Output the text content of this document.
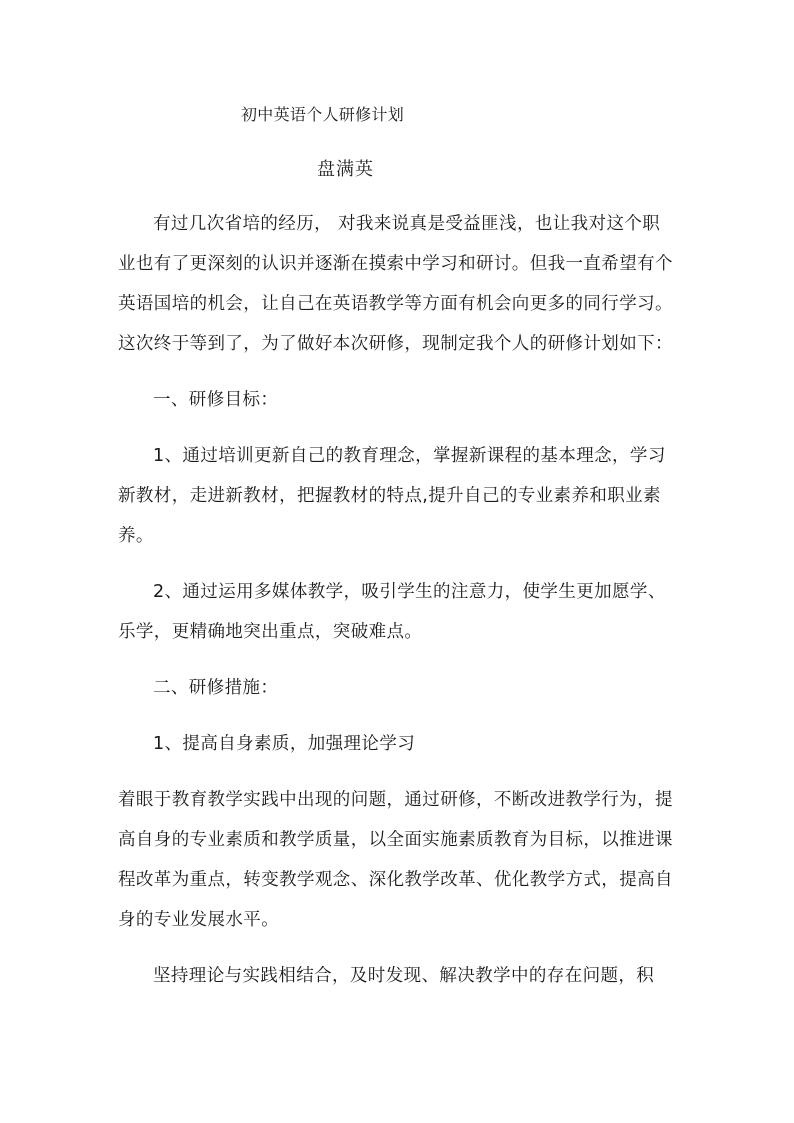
初中英语个人研修计划
盘满英

有过几次省培的经历， 对我来说真是受益匪浅，也让我对这个职业也有了更深刻的认识并逐渐在摸索中学习和研讨。但我一直希望有个英语国培的机会，让自己在英语教学等方面有机会向更多的同行学习。这次终于等到了，为了做好本次研修，现制定我个人的研修计划如下：

一、研修目标：

1、通过培训更新自己的教育理念，掌握新课程的基本理念，学习新教材，走进新教材，把握教材的特点,提升自己的专业素养和职业素养。

2、通过运用多媒体教学，吸引学生的注意力，使学生更加愿学、乐学，更精确地突出重点，突破难点。

二、研修措施：

1、提高自身素质，加强理论学习

着眼于教育教学实践中出现的问题，通过研修，不断改进教学行为，提高自身的专业素质和教学质量，以全面实施素质教育为目标，以推进课程改革为重点，转变教学观念、深化教学改革、优化教学方式，提高自身的专业发展水平。

坚持理论与实践相结合，及时发现、解决教学中的存在问题，积
